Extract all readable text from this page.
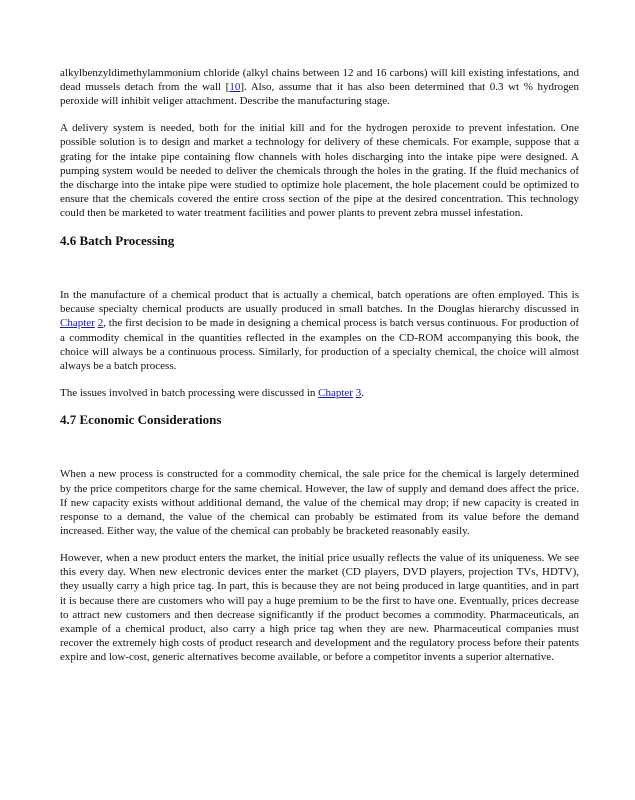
alkylbenzyldimethylammonium chloride (alkyl chains between 12 and 16 carbons) will kill existing infestations, and dead mussels detach from the wall [10]. Also, assume that it has also been determined that 0.3 wt % hydrogen peroxide will inhibit veliger attachment. Describe the manufacturing stage.

A delivery system is needed, both for the initial kill and for the hydrogen peroxide to prevent infestation. One possible solution is to design and market a technology for delivery of these chemicals. For example, suppose that a grating for the intake pipe containing flow channels with holes discharging into the intake pipe were designed. A pumping system would be needed to deliver the chemicals through the holes in the grating. If the fluid mechanics of the discharge into the intake pipe were studied to optimize hole placement, the hole placement could be optimized to ensure that the chemicals covered the entire cross section of the pipe at the desired concentration. This technology could then be marketed to water treatment facilities and power plants to prevent zebra mussel infestation.

4.6 Batch Processing

In the manufacture of a chemical product that is actually a chemical, batch operations are often employed. This is because specialty chemical products are usually produced in small batches. In the Douglas hierarchy discussed in Chapter 2, the first decision to be made in designing a chemical process is batch versus continuous. For production of a commodity chemical in the quantities reflected in the examples on the CD-ROM accompanying this book, the choice will always be a continuous process. Similarly, for production of a specialty chemical, the choice will almost always be a batch process.

The issues involved in batch processing were discussed in Chapter 3.

4.7 Economic Considerations

When a new process is constructed for a commodity chemical, the sale price for the chemical is largely determined by the price competitors charge for the same chemical. However, the law of supply and demand does affect the price. If new capacity exists without additional demand, the value of the chemical may drop; if new capacity is created in response to a demand, the value of the chemical can probably be estimated from its value before the demand increased. Either way, the value of the chemical can probably be bracketed reasonably easily.

However, when a new product enters the market, the initial price usually reflects the value of its uniqueness. We see this every day. When new electronic devices enter the market (CD players, DVD players, projection TVs, HDTV), they usually carry a high price tag. In part, this is because they are not being produced in large quantities, and in part it is because there are customers who will pay a huge premium to be the first to have one. Eventually, prices decrease to attract new customers and then decrease significantly if the product becomes a commodity. Pharmaceuticals, an example of a chemical product, also carry a high price tag when they are new. Pharmaceutical companies must recover the extremely high costs of product research and development and the regulatory process before their patents expire and low-cost, generic alternatives become available, or before a competitor invents a superior alternative.
